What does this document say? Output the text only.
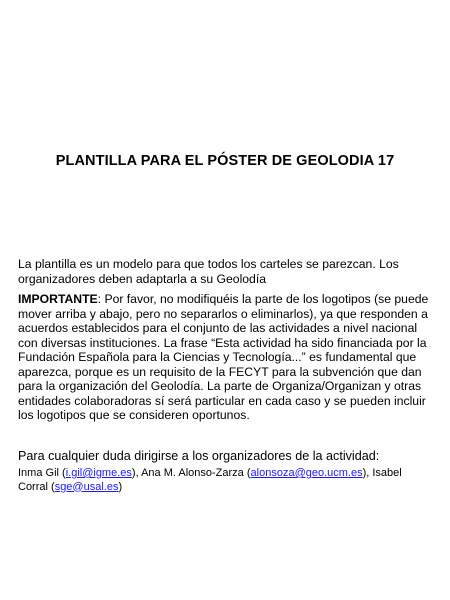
PLANTILLA PARA EL PÓSTER DE GEOLODIA 17

La plantilla es un modelo para que todos los carteles se parezcan. Los organizadores deben adaptarla a su Geolodía

IMPORTANTE: Por favor, no modifiquéis la parte de los logotipos (se puede mover arriba y abajo, pero no separarlos o eliminarlos), ya que responden a acuerdos establecidos para el conjunto de las actividades a nivel nacional con diversas instituciones. La frase “Esta actividad ha sido financiada por la Fundación Española para la Ciencias y Tecnología...” es fundamental que aparezca, porque es un requisito de la FECYT para la subvención que dan para la organización del Geolodía. La parte de Organiza/Organizan y otras entidades colaboradoras sí será particular en cada caso y se pueden incluir los logotipos que se consideren oportunos.

Para cualquier duda dirigirse a los organizadores de la actividad:

Inma Gil (i.gil@igme.es), Ana M. Alonso-Zarza (alonsoza@geo.ucm.es), Isabel Corral (sge@usal.es)
